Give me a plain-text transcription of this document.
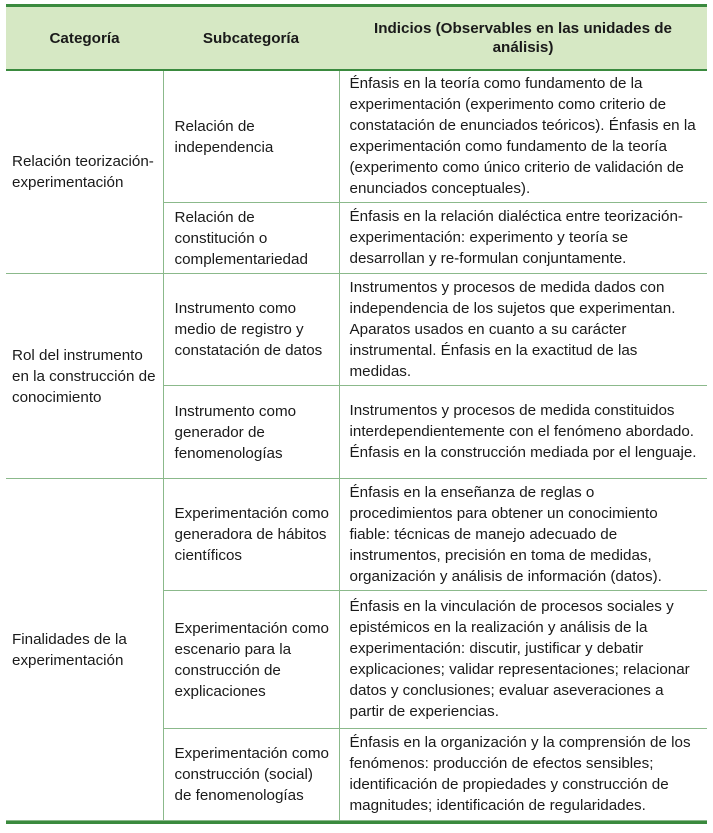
Categoría	Subcategoría	Indicios (Observables en las unidades de análisis)
Relación teorización-experimentación	Relación de independencia	Énfasis en la teoría como fundamento de la experimentación (experimento como criterio de constatación de enunciados teóricos). Énfasis en la experimentación como fundamento de la teoría (experimento como único criterio de validación de enunciados conceptuales).
	Relación de constitución o complementariedad	Énfasis en la relación dialéctica entre teorización-experimentación: experimento y teoría se desarrollan y re-formulan conjuntamente.
Rol del instrumento en la construcción de conocimiento	Instrumento como medio de registro y constatación de datos	Instrumentos y procesos de medida dados con independencia de los sujetos que experimentan. Aparatos usados en cuanto a su carácter instrumental. Énfasis en la exactitud de las medidas.
	Instrumento como generador de fenomenologías	Instrumentos y procesos de medida constituidos interdependientemente con el fenómeno abordado. Énfasis en la construcción mediada por el lenguaje.
Finalidades de la experimentación	Experimentación como generadora de hábitos científicos	Énfasis en la enseñanza de reglas o procedimientos para obtener un conocimiento fiable: técnicas de manejo adecuado de instrumentos, precisión en toma de medidas, organización y análisis de información (datos).
	Experimentación como escenario para la construcción de explicaciones	Énfasis en la vinculación de procesos sociales y epistémicos en la realización y análisis de la experimentación: discutir, justificar y debatir explicaciones; validar representaciones; relacionar datos y conclusiones; evaluar aseveraciones a partir de experiencias.
	Experimentación como construcción (social) de fenomenologías	Énfasis en la organización y la comprensión de los fenómenos: producción de efectos sensibles; identificación de propiedades y construcción de magnitudes; identificación de regularidades.
